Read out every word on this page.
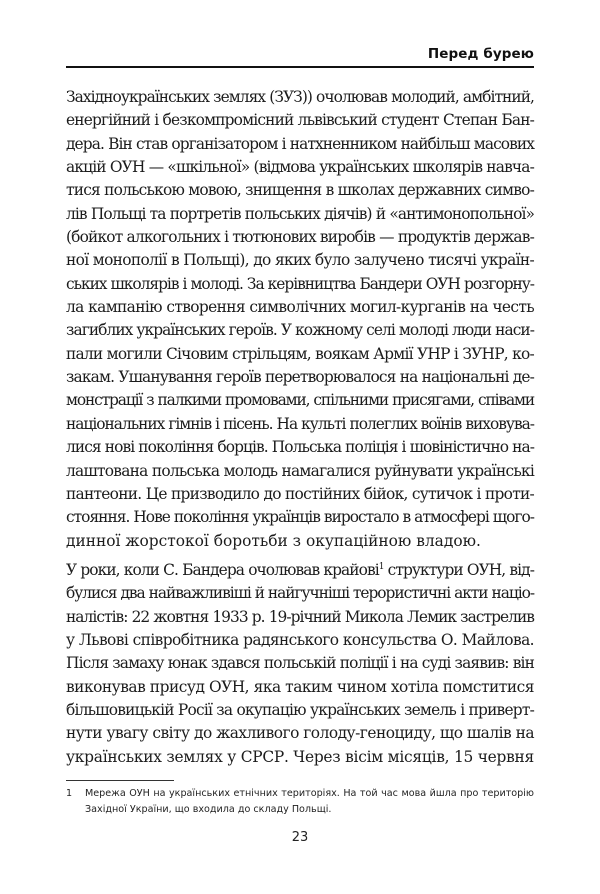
Перед бурею
Західноукраїнських землях (ЗУЗ)) очолював молодий, амбітний,
енергійний і безкомпромісний львівський студент Степан Бан-
дера. Він став організатором і натхненником найбільш масових
акцій ОУН — «шкільної» (відмова українських школярів навча-
тися польською мовою, знищення в школах державних симво-
лів Польщі та портретів польських діячів) й «антимонопольної»
(бойкот алкогольних і тютюнових виробів — продуктів держав-
ної монополії в Польщі), до яких було залучено тисячі україн-
ських школярів і молоді. За керівництва Бандери ОУН розгорну-
ла кампанію створення символічних могил-курганів на честь
загиблих українських героїв. У кожному селі молоді люди наси-
пали могили Січовим стрільцям, воякам Армії УНР і ЗУНР, ко-
закам. Ушанування героїв перетворювалося на національні де-
монстрації з палкими промовами, спільними присягами, співами
національних гімнів і пісень. На культі полеглих воїнів виховува-
лися нові покоління борців. Польська поліція і шовіністично на-
лаштована польська молодь намагалися руйнувати українські
пантеони. Це призводило до постійних бійок, сутичок і проти-
стояння. Нове покоління українців виростало в атмосфері щого-
динної жорстокої боротьби з окупаційною владою.
У роки, коли С. Бандера очолював крайові$^1$ структури ОУН, від-
булися два найважливіші й найгучніші терористичні акти націо-
налістів: 22 жовтня 1933 р. 19-річний Микола Лемик застрелив
у Львові співробітника радянського консульства О. Майлова.
Після замаху юнак здався польській поліції і на суді заявив: він
виконував присуд ОУН, яка таким чином хотіла помститися
більшовицькій Росії за окупацію українських земель і приверт-
нути увагу світу до жахливого голоду-геноциду, що шалів на
українських землях у СРСР. Через вісім місяців, 15 червня
1 Мережа ОУН на українських етнічних територіях. На той час мова йшла про територію
Західної України, що входила до складу Польщі.
23
